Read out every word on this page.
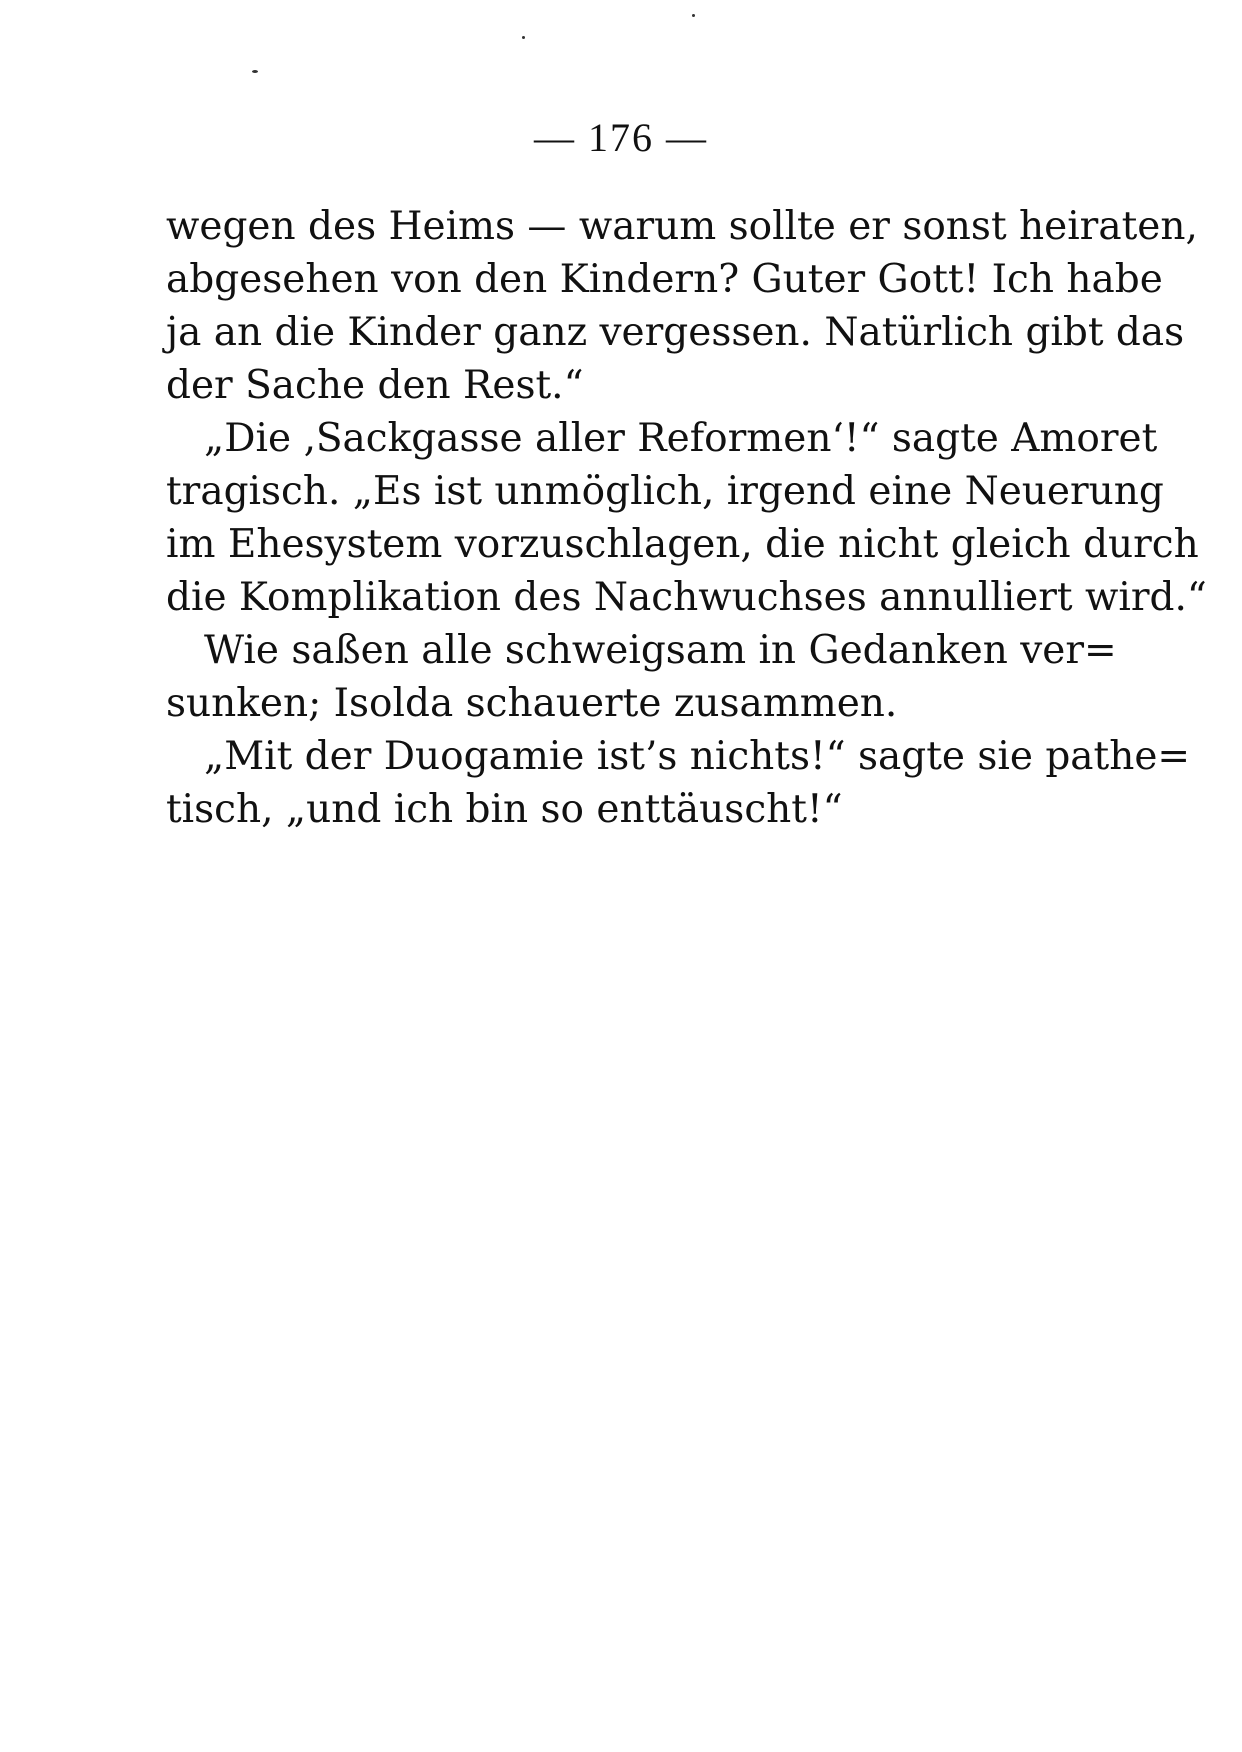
— 176 —
wegen des Heims — warum sollte er sonst heiraten,
abgesehen von den Kindern? Guter Gott! Ich habe
ja an die Kinder ganz vergessen. Natürlich gibt das
der Sache den Rest.“
„Die ‚Sackgasse aller Reformen‘!“ sagte Amoret
tragisch. „Es ist unmöglich, irgend eine Neuerung
im Ehesystem vorzuschlagen, die nicht gleich durch
die Komplikation des Nachwuchses annulliert wird.“
Wie saßen alle schweigsam in Gedanken ver=
sunken; Isolda schauerte zusammen.
„Mit der Duogamie ist’s nichts!“ sagte sie pathe=
tisch, „und ich bin so enttäuscht!“
